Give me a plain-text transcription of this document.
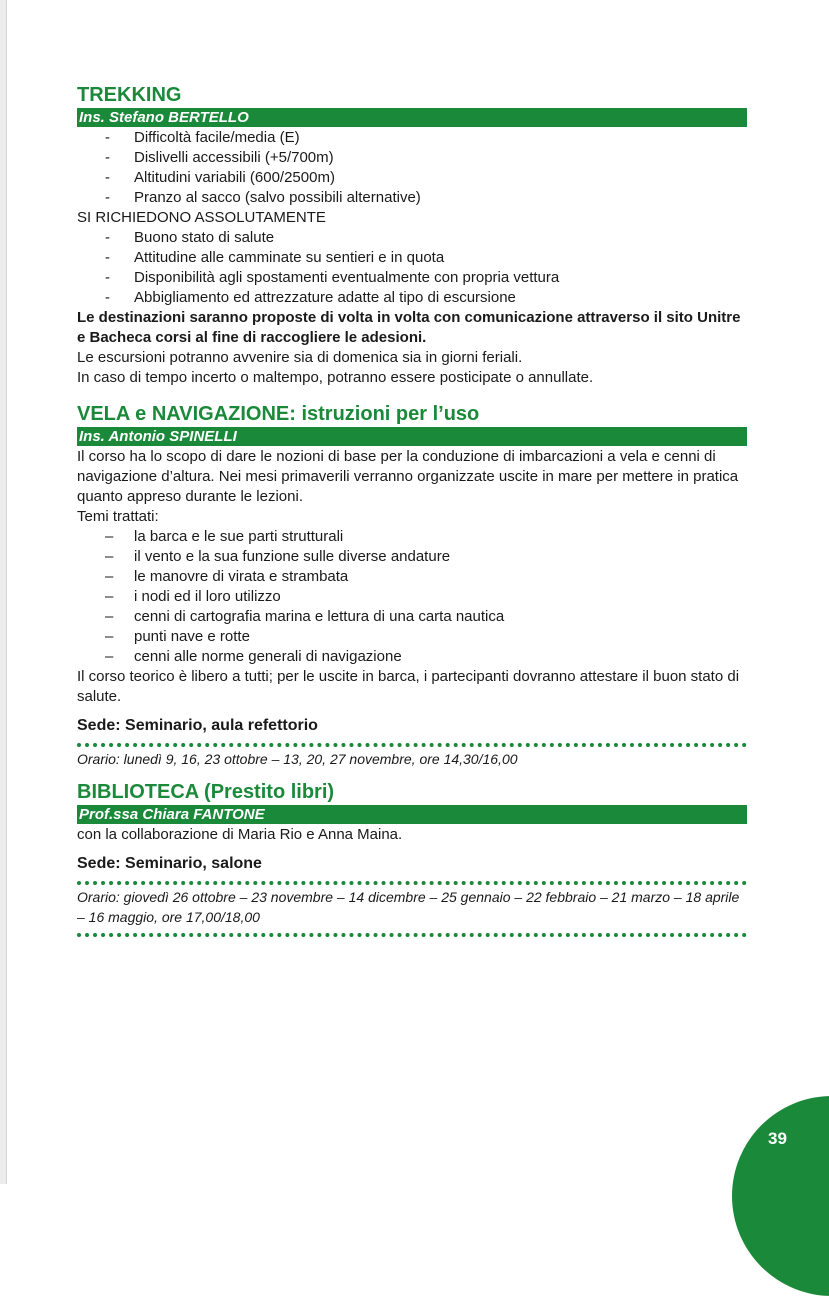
TREKKING
Ins. Stefano BERTELLO
- Difficoltà facile/media (E)
- Dislivelli accessibili (+5/700m)
- Altitudini variabili (600/2500m)
- Pranzo al sacco (salvo possibili alternative)

SI RICHIEDONO ASSOLUTAMENTE

- Buono stato di salute
- Attitudine alle camminate su sentieri e in quota
- Disponibilità agli spostamenti eventualmente con propria vettura
- Abbigliamento ed attrezzature adatte al tipo di escursione

Le destinazioni saranno proposte di volta in volta con comunicazione attraverso il sito Unitre e Bacheca corsi al fine di raccogliere le adesioni.

Le escursioni potranno avvenire sia di domenica sia in giorni feriali.

In caso di tempo incerto o maltempo, potranno essere posticipate o annullate.

VELA e NAVIGAZIONE: istruzioni per l’uso
Ins. Antonio SPINELLI

Il corso ha lo scopo di dare le nozioni di base per la conduzione di imbarcazioni a vela e cenni di navigazione d’altura. Nei mesi primaverili verranno organizzate uscite in mare per mettere in pratica quanto appreso durante le lezioni.

Temi trattati:

– la barca e le sue parti strutturali
– il vento e la sua funzione sulle diverse andature
– le manovre di virata e strambata
– i nodi ed il loro utilizzo
– cenni di cartografia marina e lettura di una carta nautica
– punti nave e rotte
– cenni alle norme generali di navigazione

Il corso teorico è libero a tutti; per le uscite in barca, i partecipanti dovranno attestare il buon stato di salute.

Sede: Seminario, aula refettorio

Orario: lunedì 9, 16, 23 ottobre – 13, 20, 27 novembre, ore 14,30/16,00

BIBLIOTECA (Prestito libri)
Prof.ssa Chiara FANTONE

con la collaborazione di Maria Rio e Anna Maina.

Sede: Seminario, salone

Orario: giovedì 26 ottobre – 23 novembre – 14 dicembre – 25 gennaio – 22 febbraio – 21 marzo – 18 aprile – 16 maggio, ore 17,00/18,00

39
